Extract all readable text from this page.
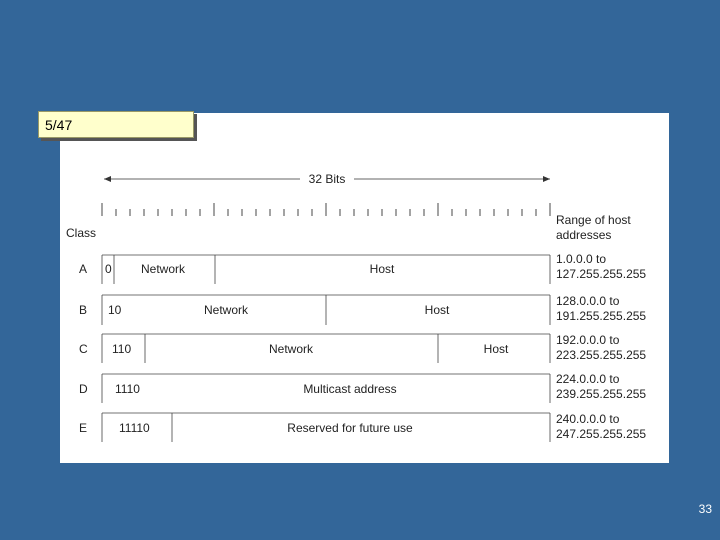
5/47
32 Bits
Class
Range of host
addresses
A 0 Network	Host
1.0.0.0 to
127.255.255.255
B 10	Network	Host
128.0.0.0 to
191.255.255.255
C 110	Network	Host
192.0.0.0 to
223.255.255.255
D 1110	Multicast address
224.0.0.0 to
239.255.255.255
E	11110	Reserved for future use
240.0.0.0 to
247.255.255.255
33
